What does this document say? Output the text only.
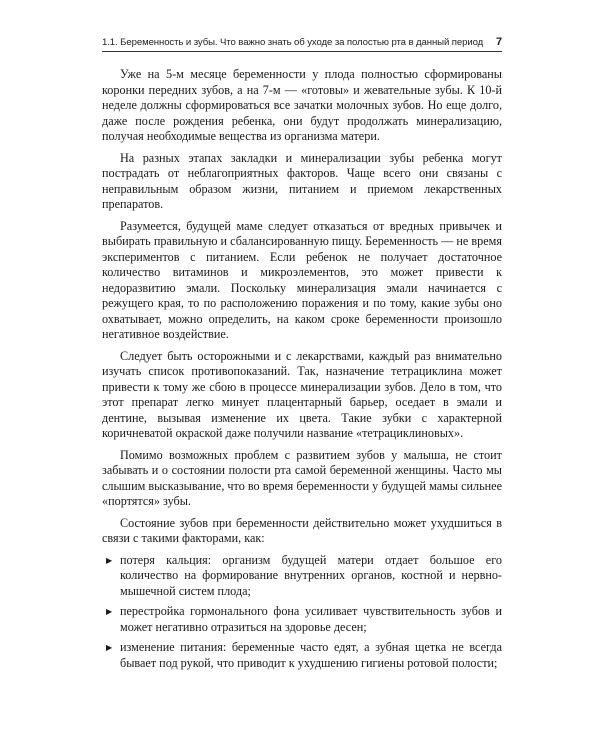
1.1. Беременность и зубы. Что важно знать об уходе за полостью рта в данный период 7

Уже на 5-м месяце беременности у плода полностью сформированы коронки передних зубов, а на 7-м — «готовы» и жевательные зубы. К 10-й неделе должны сформироваться все зачатки молочных зубов. Но еще долго, даже после рождения ребенка, они будут продолжать минерализацию, получая необходимые вещества из организма матери.

На разных этапах закладки и минерализации зубы ребенка могут пострадать от неблагоприятных факторов. Чаще всего они связаны с неправильным образом жизни, питанием и приемом лекарственных препаратов.

Разумеется, будущей маме следует отказаться от вредных привычек и выбирать правильную и сбалансированную пищу. Беременность — не время экспериментов с питанием. Если ребенок не получает достаточное количество витаминов и микроэлементов, это может привести к недоразвитию эмали. Поскольку минерализация эмали начинается с режущего края, то по расположению поражения и по тому, какие зубы оно охватывает, можно определить, на каком сроке беременности произошло негативное воздействие.

Следует быть осторожными и с лекарствами, каждый раз внимательно изучать список противопоказаний. Так, назначение тетрациклина может привести к тому же сбою в процессе минерализации зубов. Дело в том, что этот препарат легко минует плацентарный барьер, оседает в эмали и дентине, вызывая изменение их цвета. Такие зубки с характерной коричневатой окраской даже получили название «тетрациклиновых».

Помимо возможных проблем с развитием зубов у малыша, не стоит забывать и о состоянии полости рта самой беременной женщины. Часто мы слышим высказывание, что во время беременности у будущей мамы сильнее «портятся» зубы.

Состояние зубов при беременности действительно может ухудшиться в связи с такими факторами, как:

▶ потеря кальция: организм будущей матери отдает большое его количество на формирование внутренних органов, костной и нервно-мышечной систем плода;
▶ перестройка гормонального фона усиливает чувствительность зубов и может негативно отразиться на здоровье десен;
▶ изменение питания: беременные часто едят, а зубная щетка не всегда бывает под рукой, что приводит к ухудшению гигиены ротовой полости;
